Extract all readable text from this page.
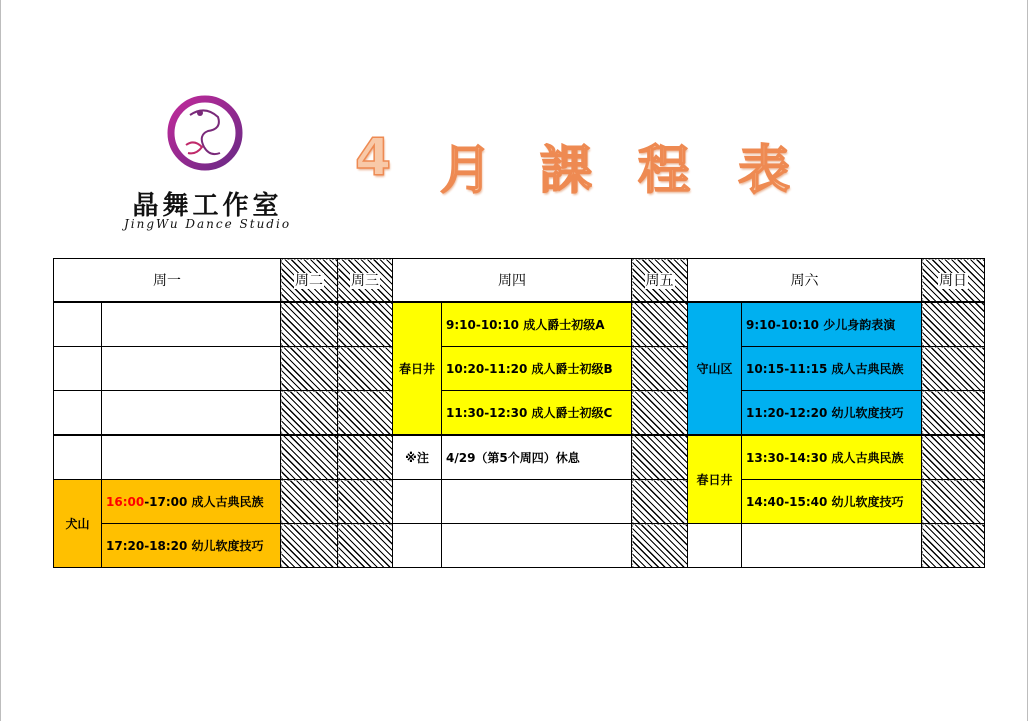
晶舞工作室
JingWu Dance Studio
4 月 課 程 表
周一		周二	周三	周四		周五	周六		周日
				春日井	9:10-10:10 成人爵士初级A		守山区	9:10-10:10 少儿身韵表演	
					10:20-11:20 成人爵士初级B			10:15-11:15 成人古典民族	
					11:30-12:30 成人爵士初级C			11:20-12:20 幼儿软度技巧	
				※注	4/29（第5个周四）休息		春日井	13:30-14:30 成人古典民族	
犬山	16:00-17:00 成人古典民族							14:40-15:40 幼儿软度技巧	
	17:20-18:20 幼儿软度技巧								
